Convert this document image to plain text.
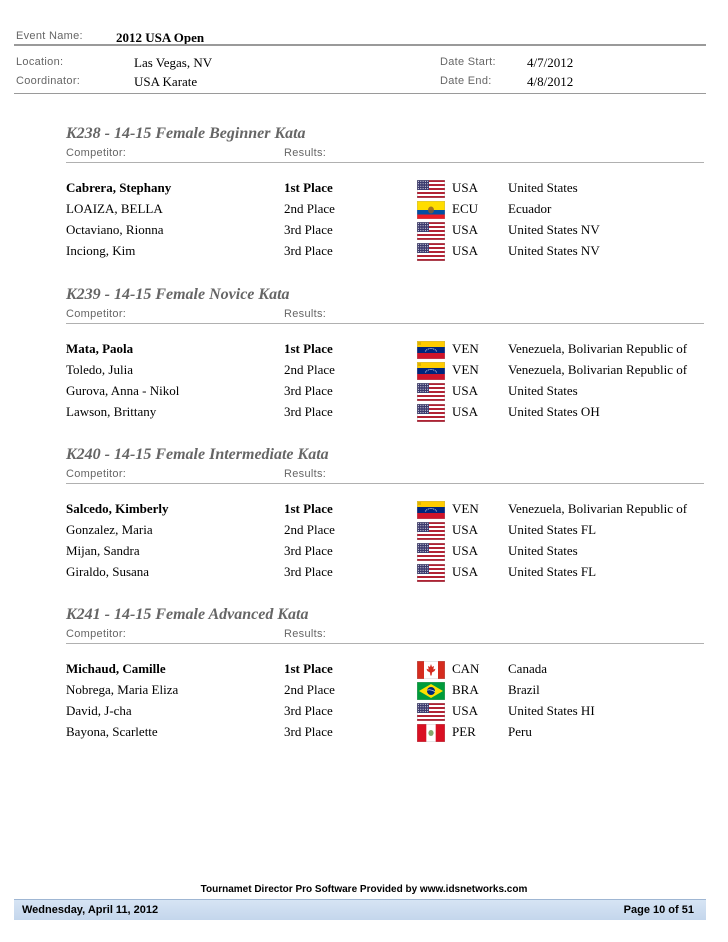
Event Name:	2012 USA Open
Location:	Las Vegas, NV	Date Start: 4/7/2012
Coordinator:	USA Karate	Date End:	4/8/2012
K238 - 14-15 Female Beginner Kata
Competitor:	Results:
Cabrera, Stephany	1st Place	USA United States
LOAIZA, BELLA	2nd Place	ECU Ecuador
Octaviano, Rionna	3rd Place	USA United States NV
Inciong, Kim	3rd Place	USA United States NV
K239 - 14-15 Female Novice Kata
Competitor:	Results:
Mata, Paola	1st Place	VEN Venezuela, Bolivarian Republic of
Toledo, Julia	2nd Place	VEN Venezuela, Bolivarian Republic of
Gurova, Anna - Nikol	3rd Place	USA United States
Lawson, Brittany	3rd Place	USA United States OH
K240 - 14-15 Female Intermediate Kata
Competitor:	Results:
Salcedo, Kimberly	1st Place	VEN Venezuela, Bolivarian Republic of
Gonzalez, Maria	2nd Place	USA United States FL
Mijan, Sandra	3rd Place	USA United States
Giraldo, Susana	3rd Place	USA United States FL
K241 - 14-15 Female Advanced Kata
Competitor:	Results:
Michaud, Camille	1st Place	CAN Canada
Nobrega, Maria Eliza	2nd Place	BRA Brazil
David, J-cha	3rd Place	USA United States HI
Bayona, Scarlette	3rd Place	PER Peru
Tournamet Director Pro Software Provided by www.idsnetworks.com
Wednesday, April 11, 2012	Page 10 of 51
